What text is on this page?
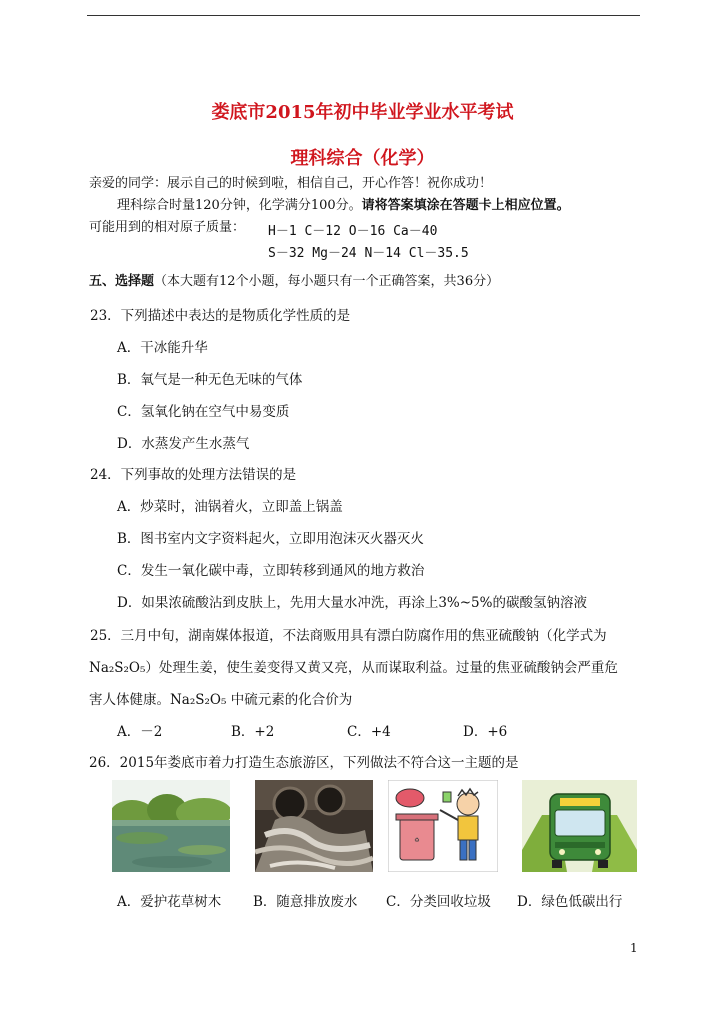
娄底市2015年初中毕业学业水平考试
理科综合（化学）
亲爱的同学：展示自己的时候到啦，相信自己，开心作答！祝你成功！
理科综合时量120分钟，化学满分100分。请将答案填涂在答题卡上相应位置。
可能用到的相对原子质量： H－1 C－12 O－16 Ca－40
S－32 Mg－24 N－14 Cl－35.5
五、选择题（本大题有12个小题，每小题只有一个正确答案，共36分）
23．下列描述中表达的是物质化学性质的是
A．干冰能升华
B．氧气是一种无色无味的气体
C．氢氧化钠在空气中易变质
D．水蒸发产生水蒸气
24．下列事故的处理方法错误的是
A．炒菜时，油锅着火，立即盖上锅盖
B．图书室内文字资料起火，立即用泡沫灭火器灭火
C．发生一氧化碳中毒，立即转移到通风的地方救治
D．如果浓硫酸沾到皮肤上，先用大量水冲洗，再涂上3%~5%的碳酸氢钠溶液
25．三月中旬，湖南媒体报道，不法商贩用具有漂白防腐作用的焦亚硫酸钠（化学式为
Na₂S₂O₅）处理生姜，使生姜变得又黄又亮，从而谋取利益。过量的焦亚硫酸钠会严重危
害人体健康。Na₂S₂O₅ 中硫元素的化合价为
A．－2	B．+2	C．+4	D．+6
26．2015年娄底市着力打造生态旅游区，下列做法不符合这一主题的是
♻
A．爱护花草树木 B．随意排放废水 C．分类回收垃圾 D．绿色低碳出行
1
